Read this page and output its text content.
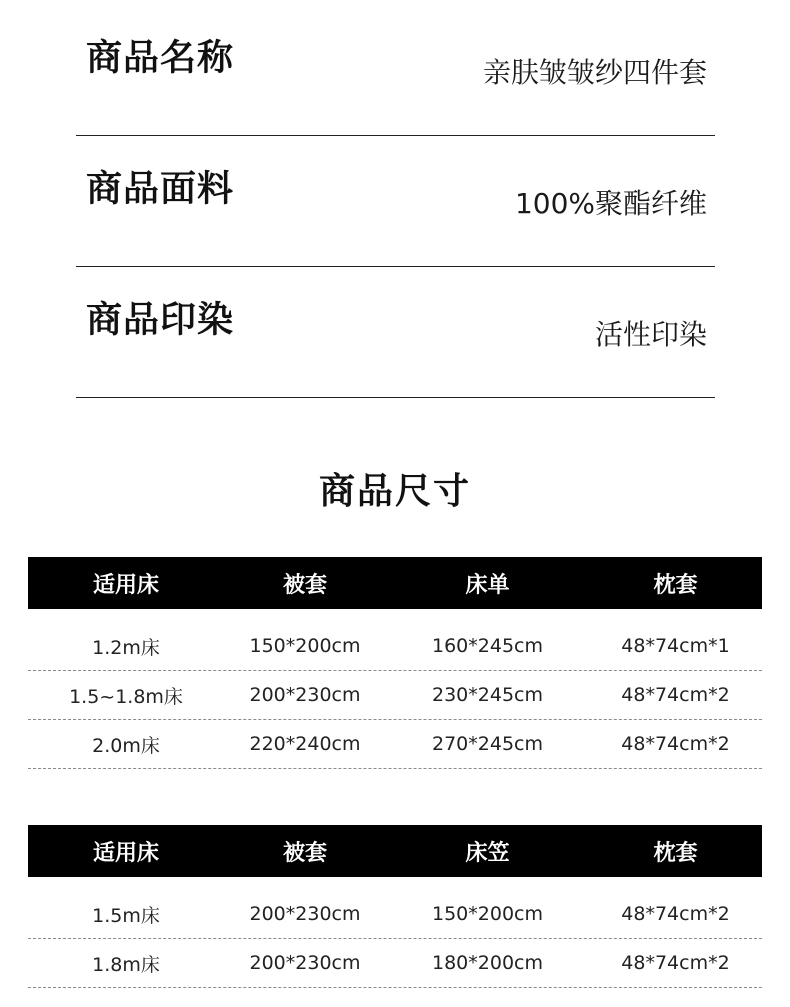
商品名称	亲肤皱皱纱四件套
商品面料	100%聚酯纤维
商品印染	活性印染
商品尺寸
适用床	被套	床单	枕套
1.2m床	150*200cm	160*245cm	48*74cm*1
1.5~1.8m床	200*230cm	230*245cm	48*74cm*2
2.0m床	220*240cm	270*245cm	48*74cm*2
适用床	被套	床笠	枕套
1.5m床	200*230cm	150*200cm	48*74cm*2
1.8m床	200*230cm	180*200cm	48*74cm*2
